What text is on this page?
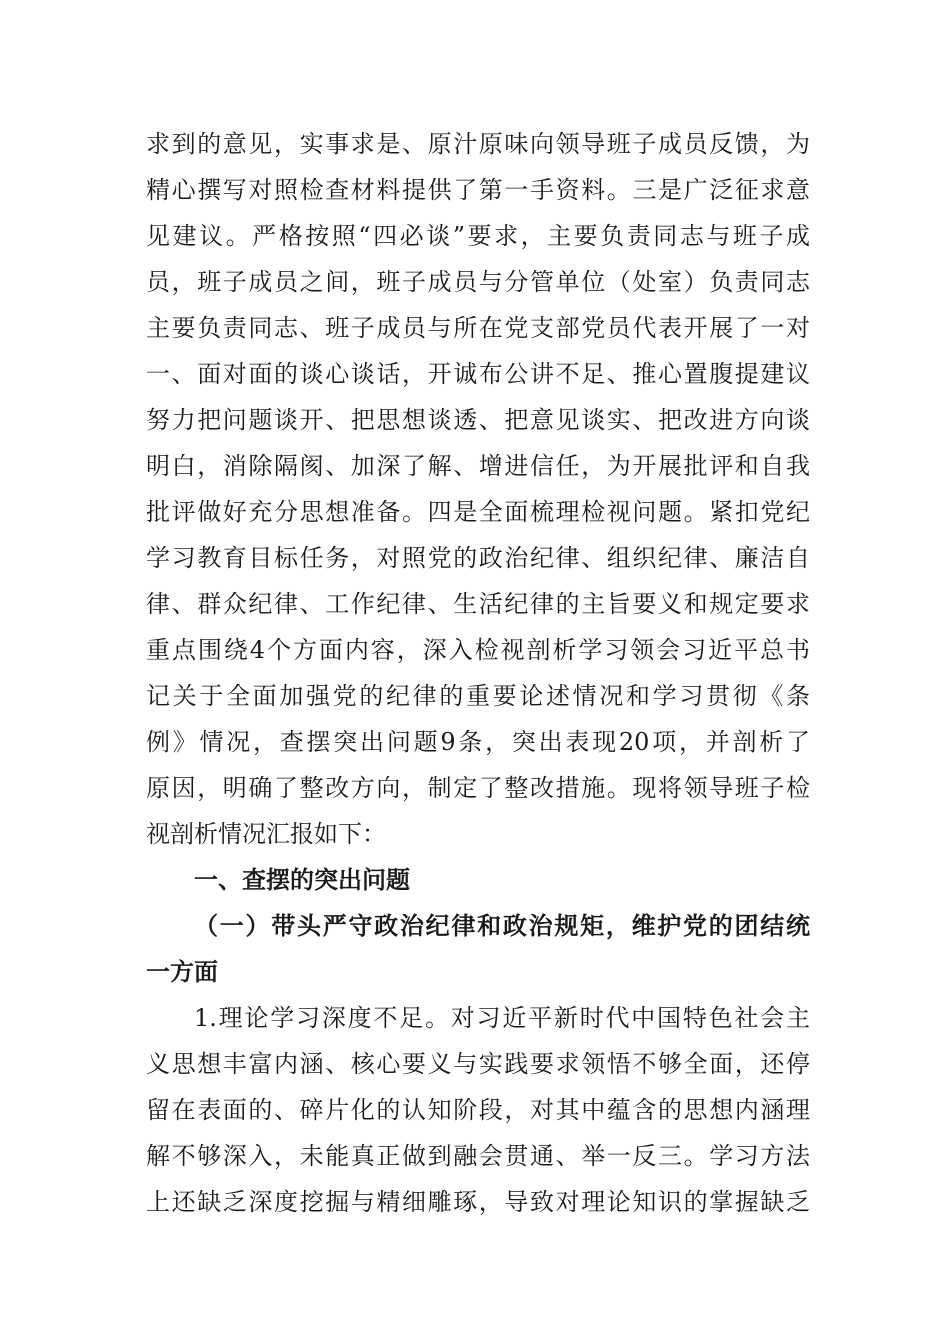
求到的意见，实事求是、原汁原味向领导班子成员反馈，为
精心撰写对照检查材料提供了第一手资料。三是广泛征求意
见建议。严格按照“四必谈”要求，主要负责同志与班子成
员，班子成员之间，班子成员与分管单位（处室）负责同志
主要负责同志、班子成员与所在党支部党员代表开展了一对
一、面对面的谈心谈话，开诚布公讲不足、推心置腹提建议
努力把问题谈开、把思想谈透、把意见谈实、把改进方向谈
明白，消除隔阂、加深了解、增进信任，为开展批评和自我
批评做好充分思想准备。四是全面梳理检视问题。紧扣党纪
学习教育目标任务，对照党的政治纪律、组织纪律、廉洁自
律、群众纪律、工作纪律、生活纪律的主旨要义和规定要求
重点围绕4个方面内容，深入检视剖析学习领会习近平总书
记关于全面加强党的纪律的重要论述情况和学习贯彻《条
例》情况，查摆突出问题9条，突出表现20项，并剖析了
原因，明确了整改方向，制定了整改措施。现将领导班子检
视剖析情况汇报如下：
一、查摆的突出问题
（一）带头严守政治纪律和政治规矩，维护党的团结统
一方面
1.理论学习深度不足。对习近平新时代中国特色社会主
义思想丰富内涵、核心要义与实践要求领悟不够全面，还停
留在表面的、碎片化的认知阶段，对其中蕴含的思想内涵理
解不够深入，未能真正做到融会贯通、举一反三。学习方法
上还缺乏深度挖掘与精细雕琢，导致对理论知识的掌握缺乏
